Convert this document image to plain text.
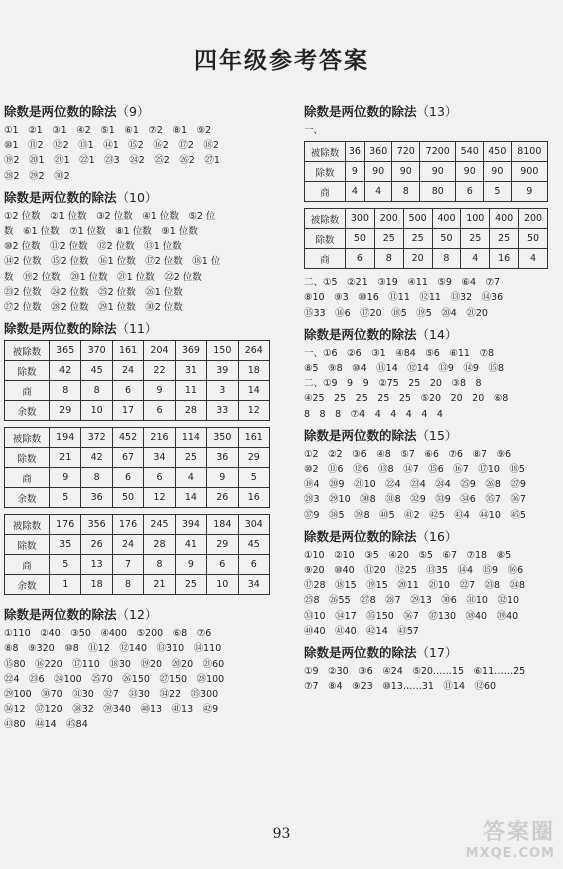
四年级参考答案
除数是两位数的除法（9）
①1　②1　③1　④2　⑤1　⑥1　⑦2　⑧1　⑨2
⑩1　⑪2　⑫2　⑬1　⑭1　⑮2　⑯2　⑰2　⑱2
⑲2　⑳1　㉑1　㉒1　㉓3　㉔2　㉕2　㉖2　㉗1
㉘2　㉙2　㉚2
除数是两位数的除法（10）
①2 位数　②1 位数　③2 位数　④1 位数　⑤2 位
数　⑥1 位数　⑦1 位数　⑧1 位数　⑨1 位数
⑩2 位数　⑪2 位数　⑫2 位数　⑬1 位数
⑭2 位数　⑮2 位数　⑯1 位数　⑰2 位数　⑱1 位
数　⑲2 位数　⑳1 位数　㉑1 位数　㉒2 位数
㉓2 位数　㉔2 位数　㉕2 位数　㉖1 位数
㉗2 位数　㉘2 位数　㉙1 位数　㉚2 位数
除数是两位数的除法（11）
被除数	365	370	161	204	369	150	264
除数	42	45	24	22	31	39	18
商	8	8	6	9	11	3	14
余数	29	10	17	6	28	33	12
被除数	194	372	452	216	114	350	161
除数	21	42	67	34	25	36	29
商	9	8	6	6	4	9	5
余数	5	36	50	12	14	26	16
被除数	176	356	176	245	394	184	304
除数	35	26	24	28	41	29	45
商	5	13	7	8	9	6	6
余数	1	18	8	21	25	10	34
除数是两位数的除法（12）
①110　②40　③50　④400　⑤200　⑥8　⑦6
⑧8　⑨320　⑩8　⑪12　⑫140　⑬310　⑭110
⑮80　⑯220　⑰110　⑱30　⑲20　⑳20　㉑60
㉒4　㉓6　㉔100　㉕70　㉖150　㉗150　㉘100
㉙100　㉚70　㉛30　㉜7　㉝30　㉞22　㉟300
㊱12　㊲120　㊳32　㊴340　㊵13　㊶13　㊷9
㊸80　㊹14　㊺84
除数是两位数的除法（13）
一、
被除数	36	360	720	7200	540	450	8100
除数	9	90	90	90	90	90	900
商	4	4	8	80	6	5	9
被除数	300	200	500	400	100	400	200
除数	50	25	25	50	25	25	50
商	6	8	20	8	4	16	4
二、①5　②21　③19　④11　⑤9　⑥4　⑦7
⑧10　⑨3　⑩16　⑪11　⑫11　⑬32　⑭36
⑮33　⑯6　⑰20　⑱5　⑲5　⑳4　㉑20
除数是两位数的除法（14）
一、①6　②6　③1　④84　⑤6　⑥11　⑦8
⑧5　⑨8　⑩4　⑪14　⑫14　⑬9　⑭9　⑮8
二、①9　9　9　②75　25　20　③8　8
④25　25　25　25　25　⑤20　20　20　⑥8
8　8　8　⑦4　4　4　4　4　4
除数是两位数的除法（15）
①2　②2　③6　④8　⑤7　⑥6　⑦6　⑧7　⑨6
⑩2　⑪6　⑫6　⑬8　⑭7　⑮6　⑯7　⑰10　⑱5
⑲4　⑳9　㉑10　㉒4　㉓4　㉔4　㉕9　㉖8　㉗9
㉘3　㉙10　㉚8　㉛8　㉜9　㉝9　㉞6　㉟7　㊱7
㊲9　㊳5　㊴8　㊵5　㊶2　㊷5　㊸4　㊹10　㊺5
除数是两位数的除法（16）
①10　②10　③5　④20　⑤5　⑥7　⑦18　⑧5
⑨20　⑩40　⑪20　⑫25　⑬35　⑭4　⑮9　⑯6
⑰28　⑱15　⑲15　⑳11　㉑10　㉒7　㉓8　㉔8
㉕8　㉖55　㉗8　㉘7　㉙13　㉚6　㉛10　㉜10
㉝10　㉞17　㉟150　㊱7　㊲130　㊳40　㊴40
㊵40　㊶40　㊷14　㊸57
除数是两位数的除法（17）
①9　②30　③6　④24　⑤20……15　⑥11……25
⑦7　⑧4　⑨23　⑩13……31　⑪14　⑫60
93	答案圈
MXQE.COM
